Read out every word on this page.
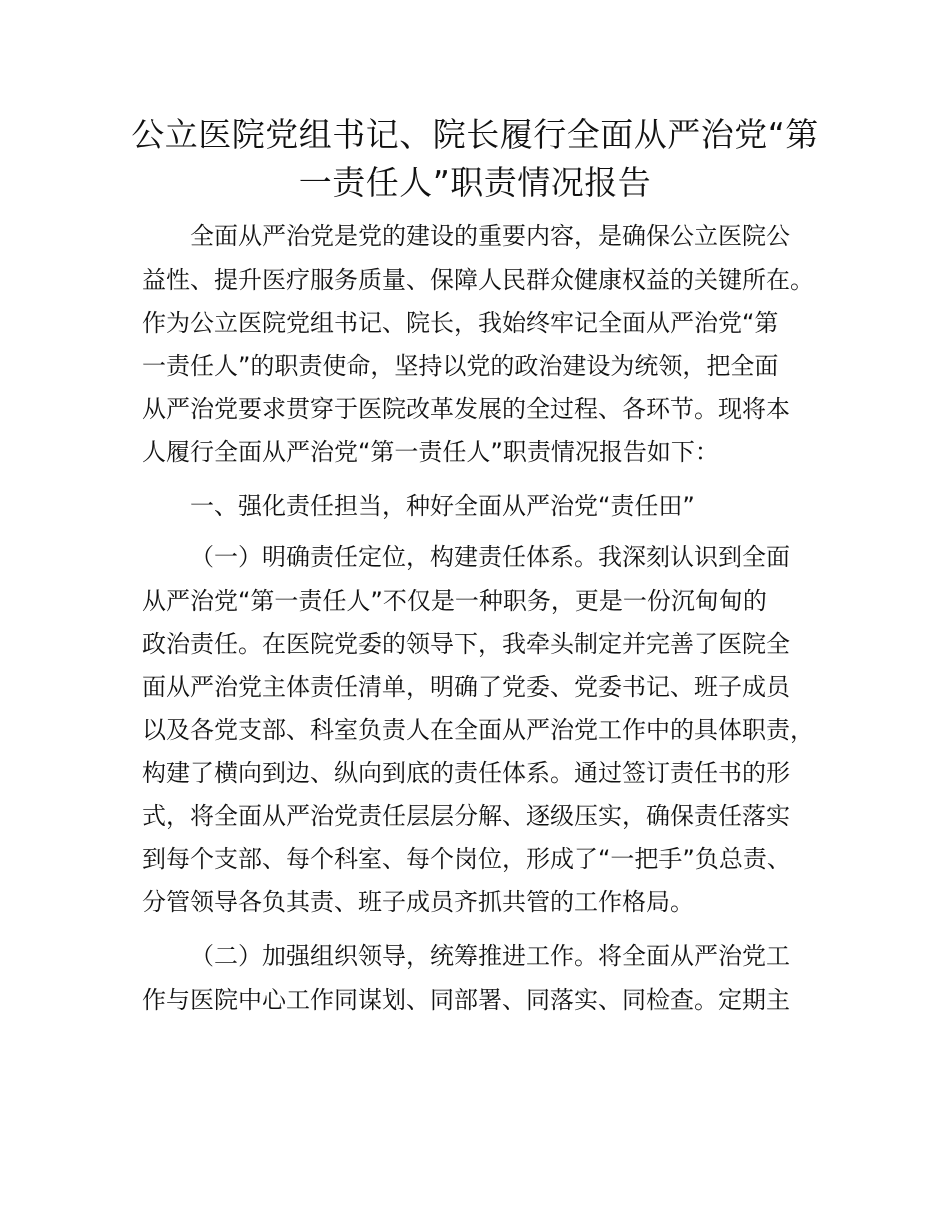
公立医院党组书记、院长履行全面从严治党“第
一责任人”职责情况报告

全面从严治党是党的建设的重要内容，是确保公立医院公

益性、提升医疗服务质量、保障人民群众健康权益的关键所在。

作为公立医院党组书记、院长，我始终牢记全面从严治党“第

一责任人”的职责使命，坚持以党的政治建设为统领，把全面

从严治党要求贯穿于医院改革发展的全过程、各环节。现将本

人履行全面从严治党“第一责任人”职责情况报告如下：

一、强化责任担当，种好全面从严治党“责任田”

（一）明确责任定位，构建责任体系。我深刻认识到全面

从严治党“第一责任人”不仅是一种职务，更是一份沉甸甸的

政治责任。在医院党委的领导下，我牵头制定并完善了医院全

面从严治党主体责任清单，明确了党委、党委书记、班子成员

以及各党支部、科室负责人在全面从严治党工作中的具体职责，

构建了横向到边、纵向到底的责任体系。通过签订责任书的形

式，将全面从严治党责任层层分解、逐级压实，确保责任落实

到每个支部、每个科室、每个岗位，形成了“一把手”负总责、

分管领导各负其责、班子成员齐抓共管的工作格局。

（二）加强组织领导，统筹推进工作。将全面从严治党工

作与医院中心工作同谋划、同部署、同落实、同检查。定期主
